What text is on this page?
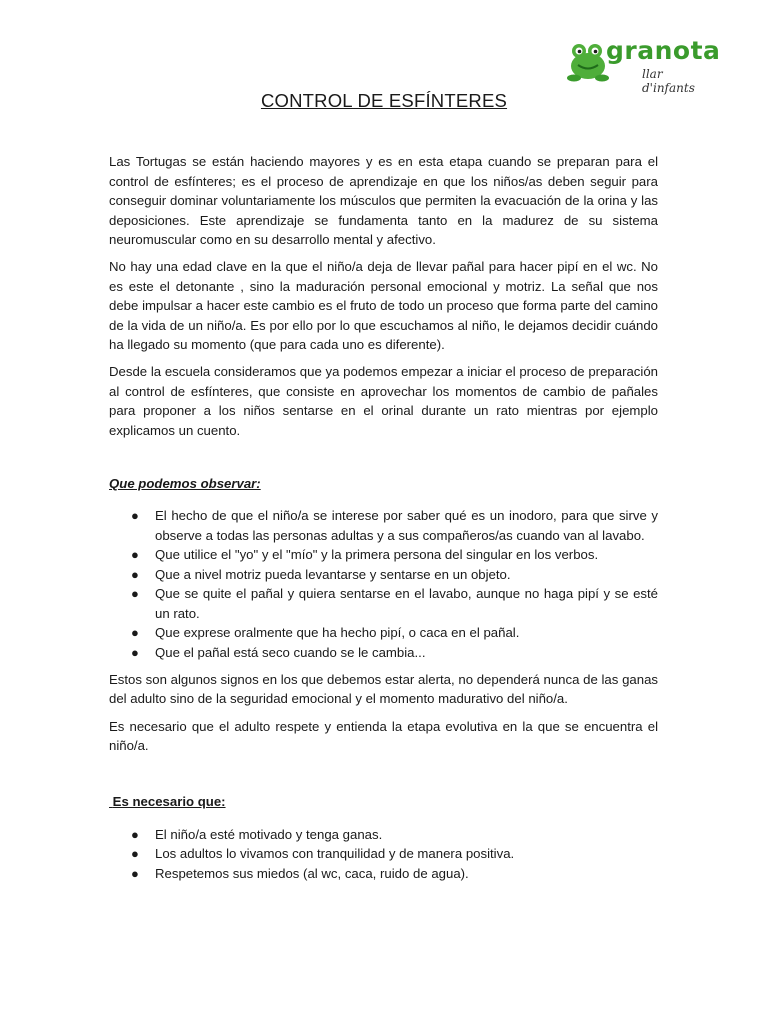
granota
llar d'infants
CONTROL DE ESFÍNTERES

Las Tortugas se están haciendo mayores y es en esta etapa cuando se preparan para el control de esfínteres; es el proceso de aprendizaje en que los niños/as deben seguir para conseguir dominar voluntariamente los músculos que permiten la evacuación de la orina y las deposiciones. Este aprendizaje se fundamenta tanto en la madurez de su sistema neuromuscular como en su desarrollo mental y afectivo.

No hay una edad clave en la que el niño/a deja de llevar pañal para hacer pipí en el wc. No es este el detonante , sino la maduración personal emocional y motriz. La señal que nos debe impulsar a hacer este cambio es el fruto de todo un proceso que forma parte del camino de la vida de un niño/a. Es por ello por lo que escuchamos al niño, le dejamos decidir cuándo ha llegado su momento (que para cada uno es diferente).

Desde la escuela consideramos que ya podemos empezar a iniciar el proceso de preparación al control de esfínteres, que consiste en aprovechar los momentos de cambio de pañales para proponer a los niños sentarse en el orinal durante un rato mientras por ejemplo explicamos un cuento.

Que podemos observar:

● El hecho de que el niño/a se interese por saber qué es un inodoro, para que sirve y observe a todas las personas adultas y a sus compañeros/as cuando van al lavabo.
● Que utilice el "yo" y el "mío" y la primera persona del singular en los verbos.
● Que a nivel motriz pueda levantarse y sentarse en un objeto.
● Que se quite el pañal y quiera sentarse en el lavabo, aunque no haga pipí y se esté un rato.
● Que exprese oralmente que ha hecho pipí, o caca en el pañal.
● Que el pañal está seco cuando se le cambia...

Estos son algunos signos en los que debemos estar alerta, no dependerá nunca de las ganas del adulto sino de la seguridad emocional y el momento madurativo del niño/a.

Es necesario que el adulto respete y entienda la etapa evolutiva en la que se encuentra el niño/a.

Es necesario que:

● El niño/a esté motivado y tenga ganas.
● Los adultos lo vivamos con tranquilidad y de manera positiva.
● Respetemos sus miedos (al wc, caca, ruido de agua).
